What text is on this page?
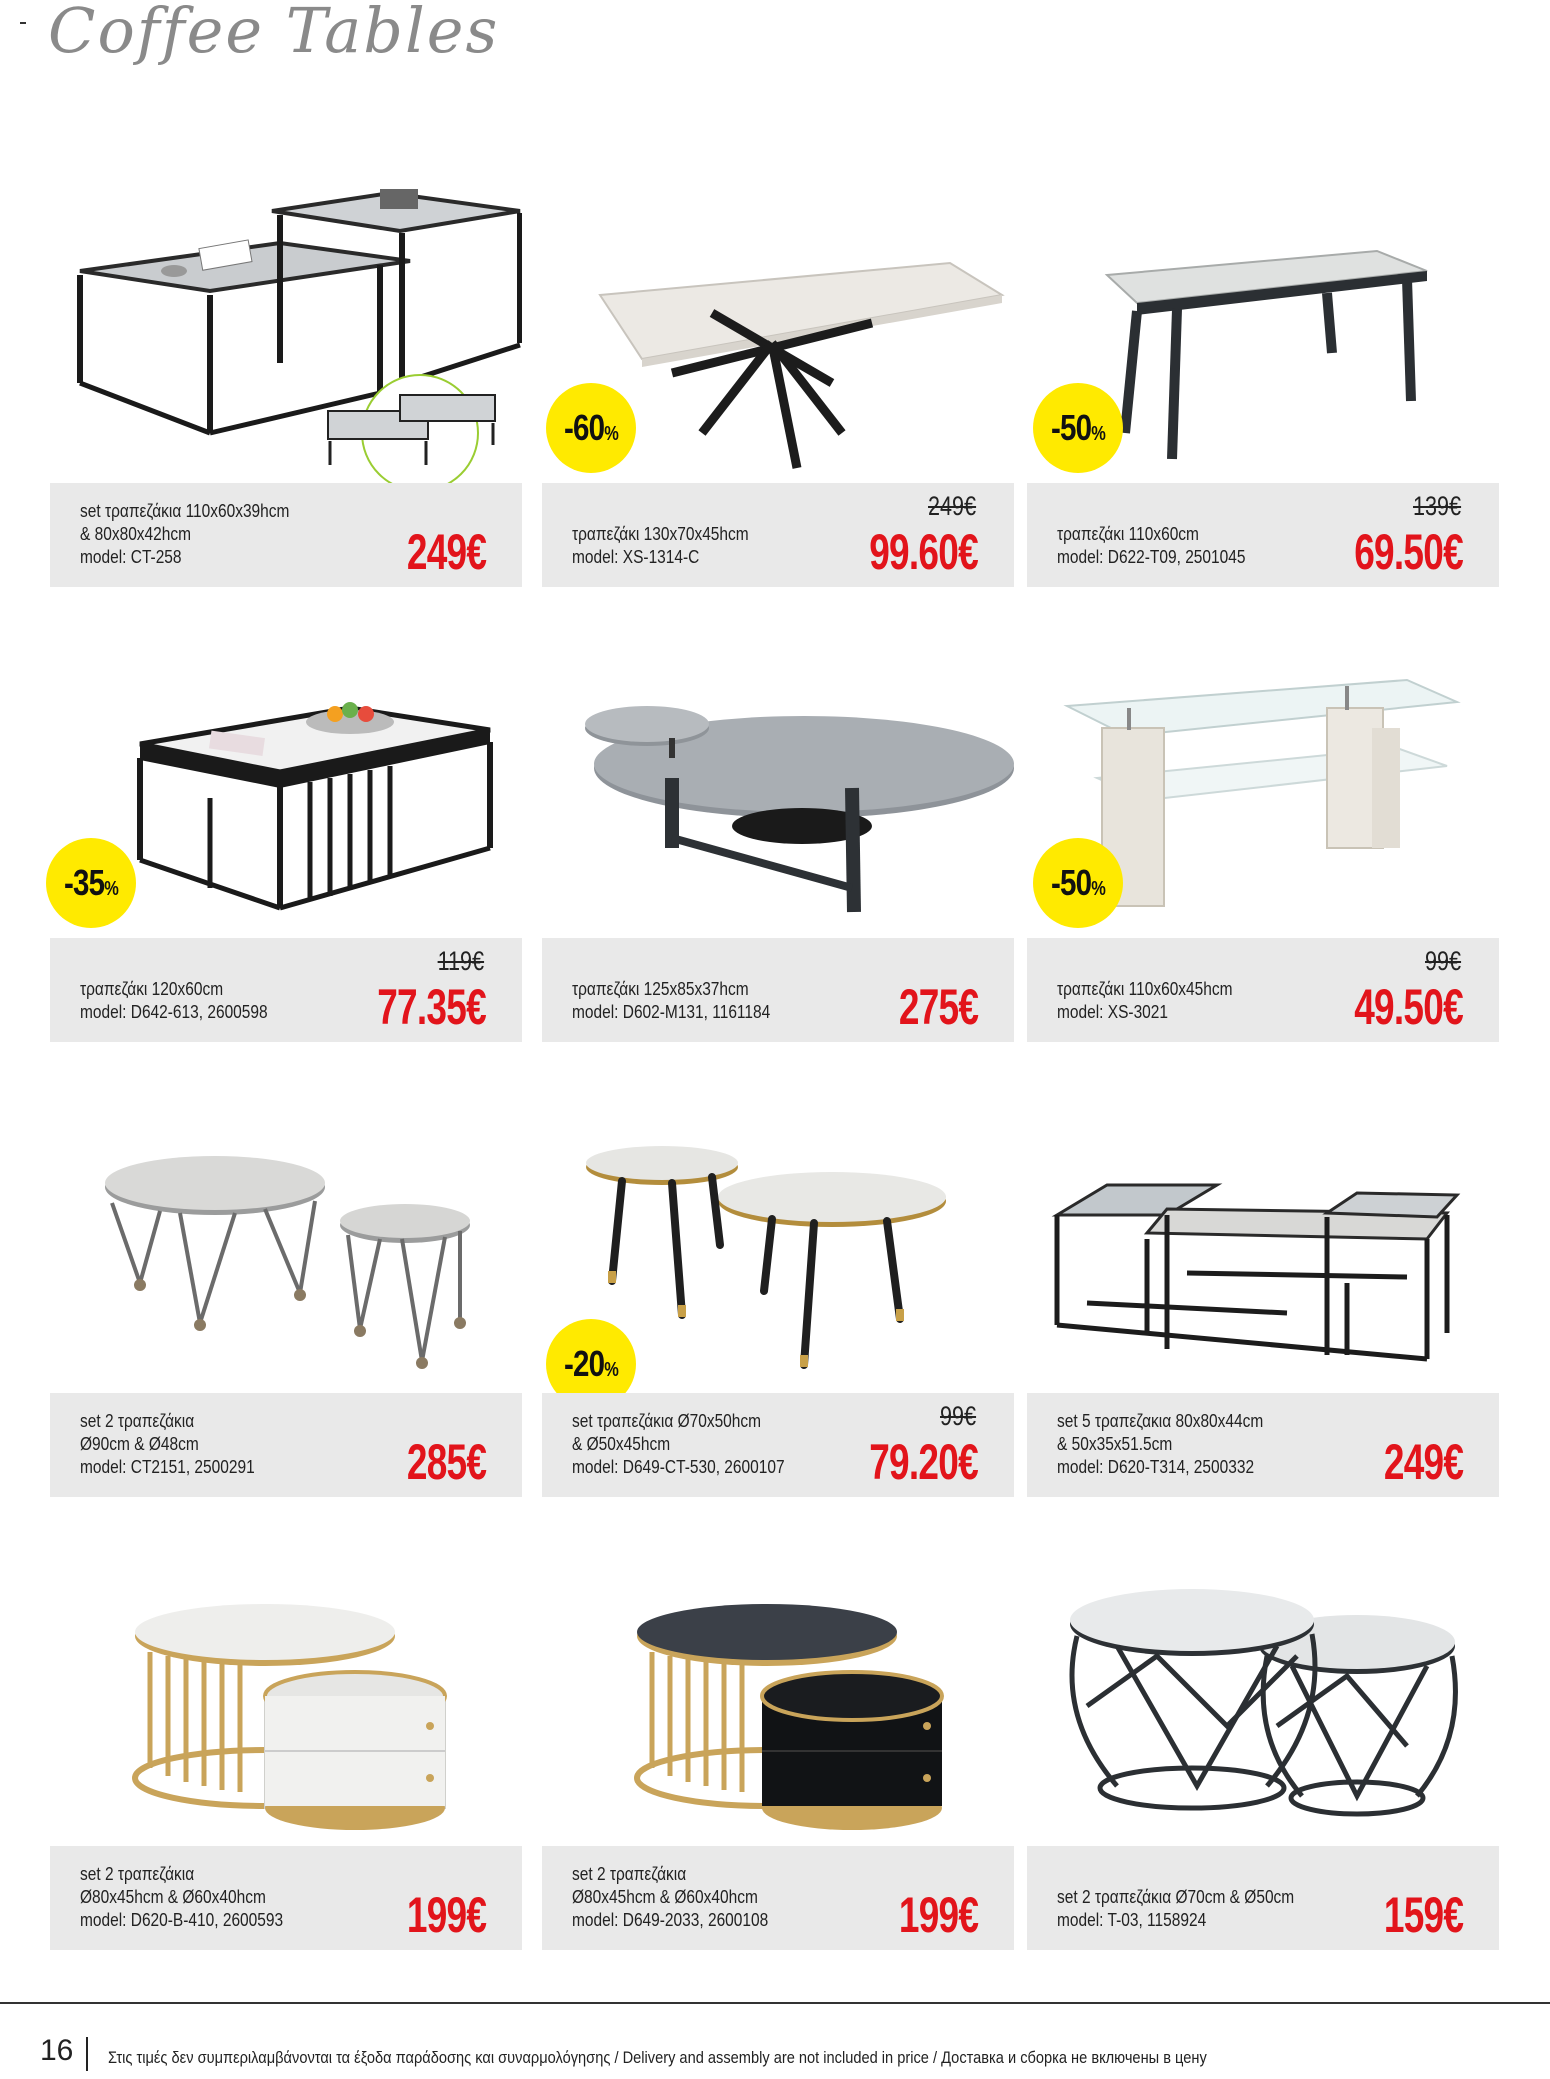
Coffee Tables
set τραπεζάκια 110x60x39hcm
& 80x80x42hcm
model: CT-258	249€
-60%
249€
τραπεζάκι 130x70x45hcm
model: XS-1314-C	99.60€
-50%
139€
τραπεζάκι 110x60cm
model: D622-T09, 2501045 69.50€
-35%
119€
τραπεζάκι 120x60cm
model: D642-613, 2600598 77.35€	τραπεζάκι 125x85x37hcm
model: D602-M131, 1161184	275€
-50%
99€
τραπεζάκι 110x60x45hcm
model: XS-3021	49.50€
set 2 τραπεζάκια
Ø90cm & Ø48cm
model: CT2151, 2500291	285€
-20%
99€
set τραπεζάκια Ø70x50hcm
& Ø50x45hcm
model: D649-CT-530, 2600107 79.20€
set 5 τραπεζακια 80x80x44cm
& 50x35x51.5cm
model: D620-T314, 2500332	249€
set 2 τραπεζάκια
Ø80x45hcm & Ø60x40hcm
model: D620-B-410, 2600593 199€
set 2 τραπεζάκια
Ø80x45hcm & Ø60x40hcm
model: D649-2033, 2600108	199€	set 2 τραπεζάκια Ø70cm & Ø50cm
model: T-03, 1158924	159€
16 Στις τιμές δεν συμπεριλαμβάνονται τα έξοδα παράδοσης και συναρμολόγησης / Delivery and assembly are not included in price / Доставка и сборка не включены в цену
